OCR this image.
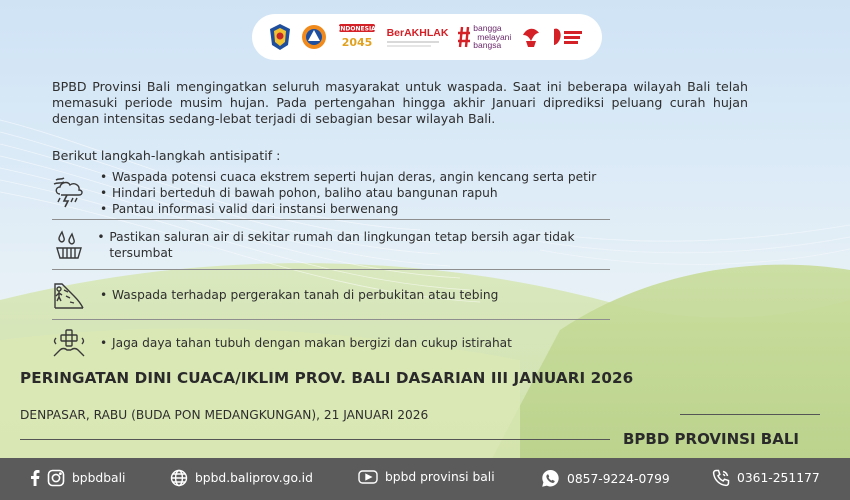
INDONESIA
2045
BerAKHLAK	bangga
melayani
bangsa

BPBD Provinsi Bali mengingatkan seluruh masyarakat untuk waspada. Saat ini beberapa wilayah Bali telah memasuki periode musim hujan. Pada pertengahan hingga akhir Januari diprediksi peluang curah hujan dengan intensitas sedang-lebat terjadi di sebagian besar wilayah Bali.

Berikut langkah-langkah antisipatif :

• Waspada potensi cuaca ekstrem seperti hujan deras, angin kencang serta petir
• Hindari berteduh di bawah pohon, baliho atau bangunan rapuh
• Pantau informasi valid dari instansi berwenang
• Pastikan saluran air di sekitar rumah dan lingkungan tetap bersih agar tidak tersumbat
• Waspada terhadap pergerakan tanah di perbukitan atau tebing
• Jaga daya tahan tubuh dengan makan bergizi dan cukup istirahat
PERINGATAN DINI CUACA/IKLIM PROV. BALI DASARIAN III JANUARI 2026
DENPASAR, RABU (BUDA PON MEDANGKUNGAN), 21 JANUARI 2026
BPBD PROVINSI BALI
bpbdbali	bpbd.baliprov.go.id	bpbd provinsi bali	0857-9224-0799	0361-251177
